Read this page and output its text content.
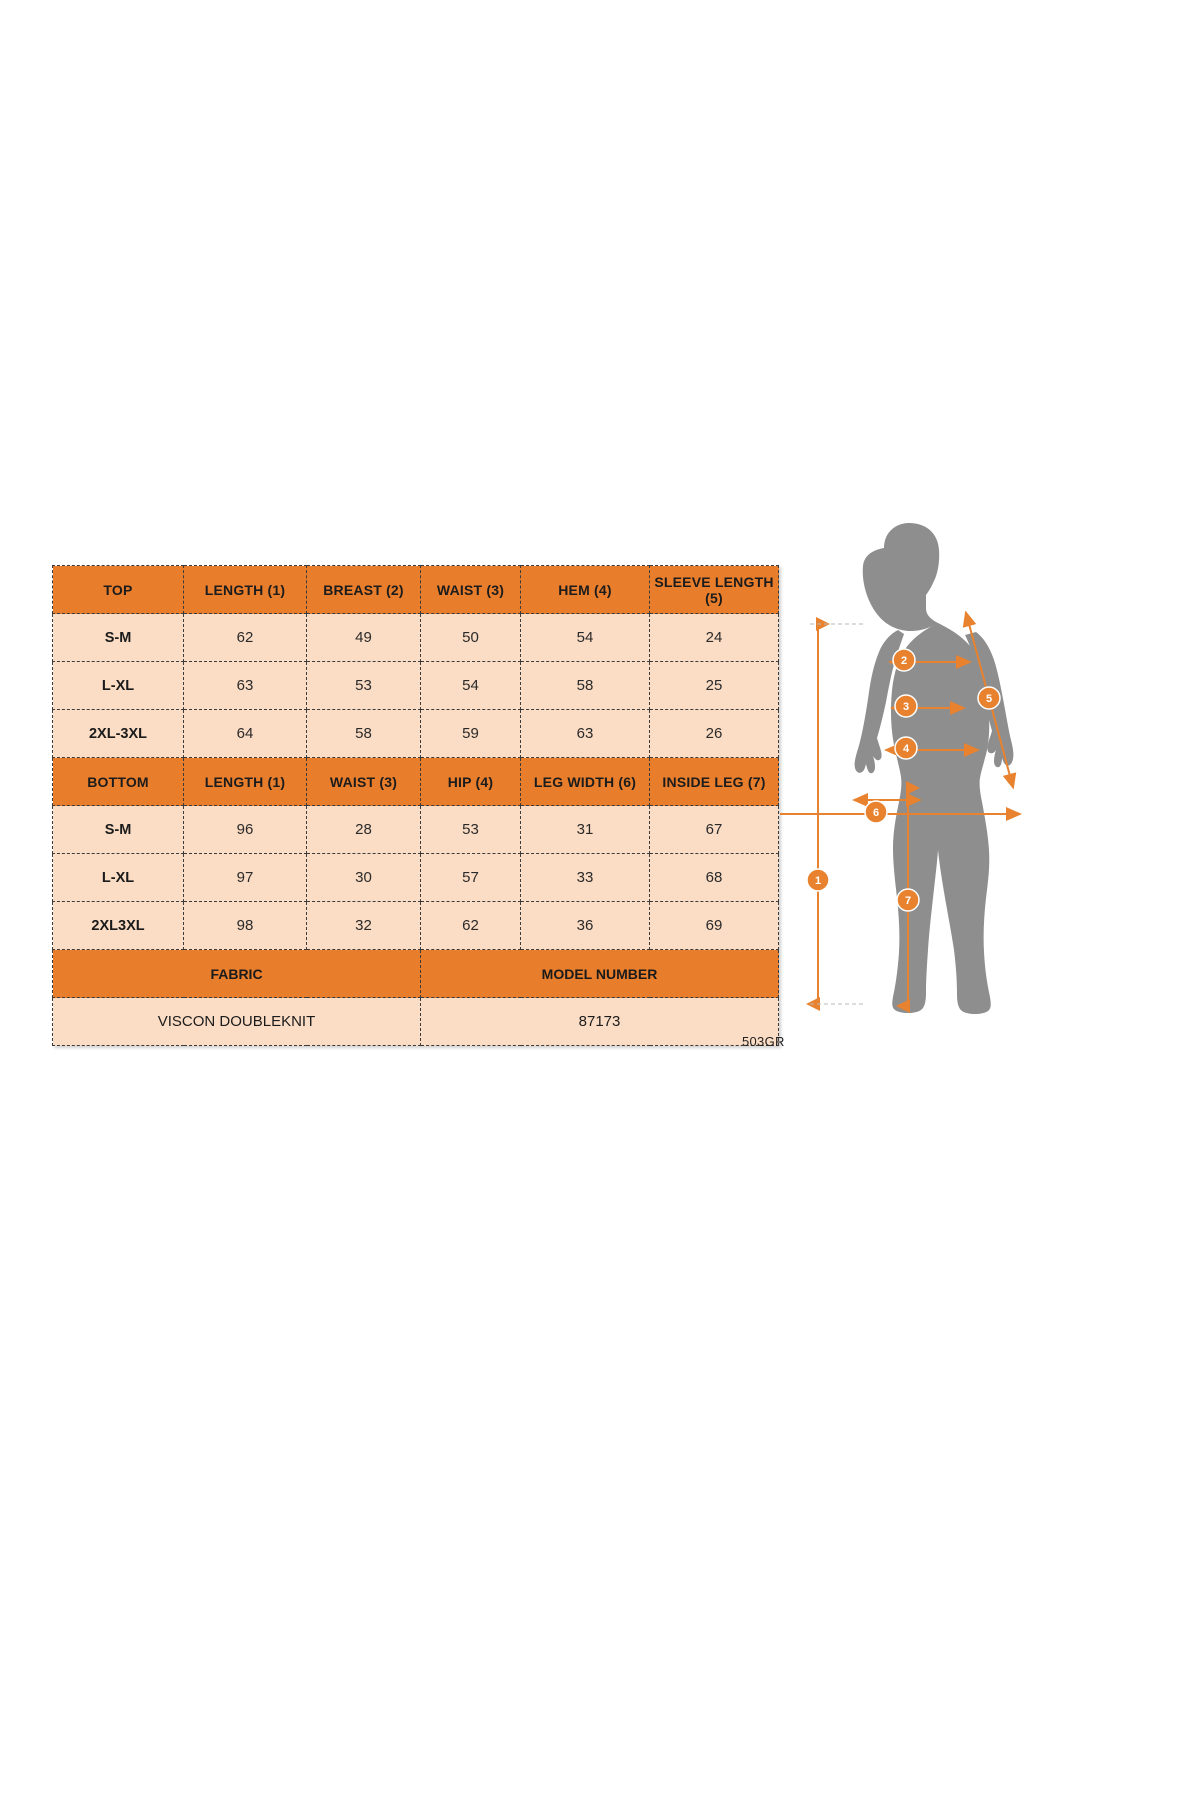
TOP	LENGTH (1)	BREAST (2)	WAIST (3)	HEM (4)	SLEEVE LENGTH (5)
S-M	62	49	50	54	24
L-XL	63	53	54	58	25
2XL-3XL	64	58	59	63	26
BOTTOM	LENGTH (1)	WAIST (3)	HIP (4)	LEG WIDTH (6)	INSIDE LEG (7)
S-M	96	28	53	31	67
L-XL	97	30	57	33	68
2XL3XL	98	32	62	36	69
FABRIC			MODEL NUMBER		
VISCON DOUBLEKNIT			87173		
503GR
1
2
3
4
5
6
7
